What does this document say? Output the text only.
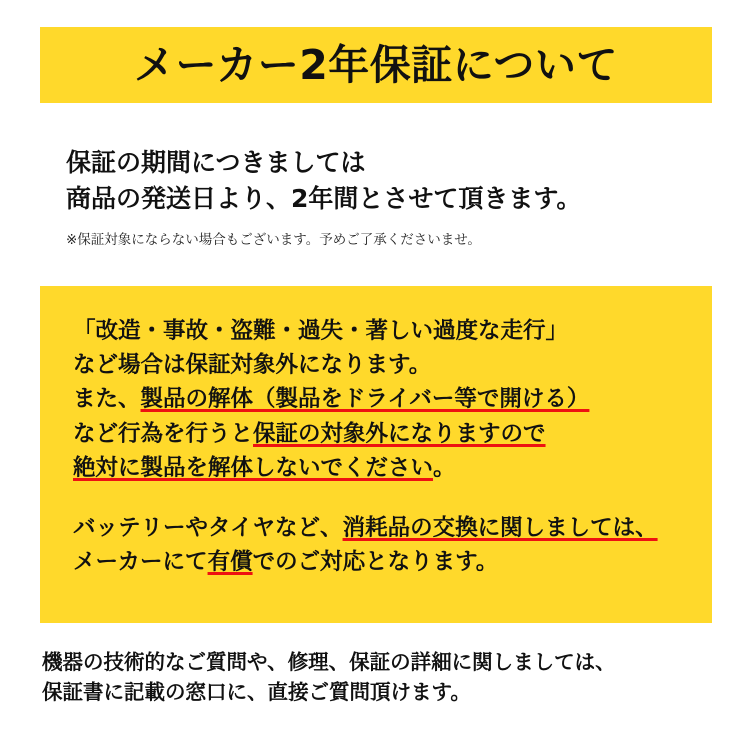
メーカー2年保証について
保証の期間につきましては
商品の発送日より、2年間とさせて頂きます。
※保証対象にならない場合もございます。予めご了承くださいませ。
「改造・事故・盗難・過失・著しい過度な走行」
など場合は保証対象外になります。
また、製品の解体（製品をドライバー等で開ける）
など行為を行うと保証の対象外になりますので
絶対に製品を解体しないでください。
バッテリーやタイヤなど、消耗品の交換に関しましては、
メーカーにて有償でのご対応となります。
機器の技術的なご質問や、修理、保証の詳細に関しましては、
保証書に記載の窓口に、直接ご質問頂けます。
